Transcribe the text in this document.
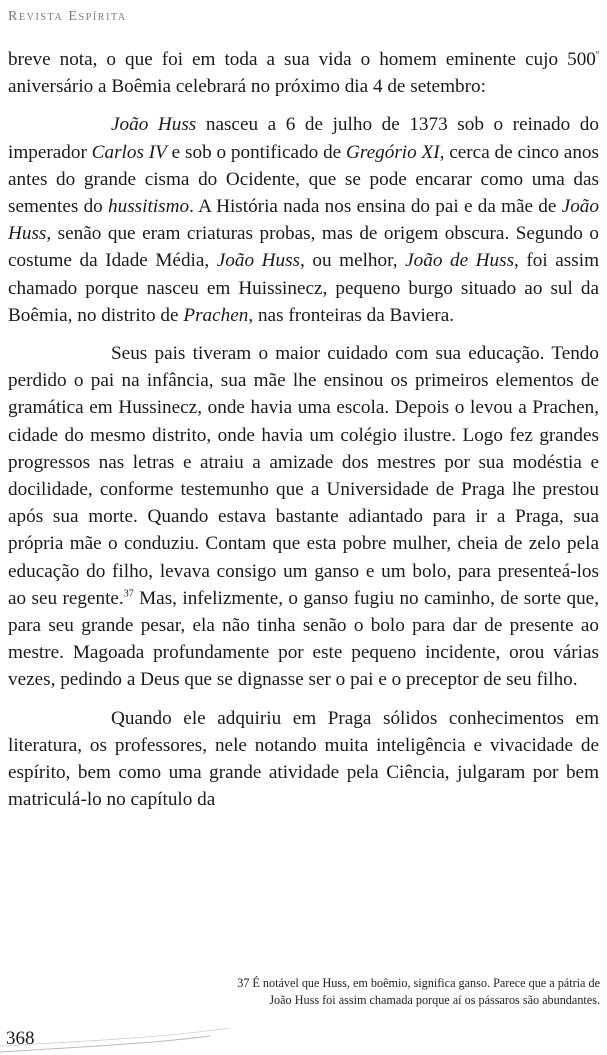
Revista Espírita

breve nota, o que foi em toda a sua vida o homem eminente cujo $500^º$ aniversário a Boêmia celebrará no próximo dia 4 de setembro:

João Huss nasceu a 6 de julho de 1373 sob o reinado do imperador Carlos IV e sob o pontificado de Gregório XI, cerca de cinco anos antes do grande cisma do Ocidente, que se pode encarar como uma das sementes do hussitismo. A História nada nos ensina do pai e da mãe de João Huss, senão que eram criaturas probas, mas de origem obscura. Segundo o costume da Idade Média, João Huss, ou melhor, João de Huss, foi assim chamado porque nasceu em Huissinecz, pequeno burgo situado ao sul da Boêmia, no distrito de Prachen, nas fronteiras da Baviera.

Seus pais tiveram o maior cuidado com sua educação. Tendo perdido o pai na infância, sua mãe lhe ensinou os primeiros elementos de gramática em Hussinecz, onde havia uma escola. Depois o levou a Prachen, cidade do mesmo distrito, onde havia um colégio ilustre. Logo fez grandes progressos nas letras e atraiu a amizade dos mestres por sua modéstia e docilidade, conforme testemunho que a Universidade de Praga lhe prestou após sua morte. Quando estava bastante adiantado para ir a Praga, sua própria mãe o conduziu. Contam que esta pobre mulher, cheia de zelo pela educação do filho, levava consigo um ganso e um bolo, para presenteá-los ao seu regente.$^{37}$ Mas, infelizmente, o ganso fugiu no caminho, de sorte que, para seu grande pesar, ela não tinha senão o bolo para dar de presente ao mestre. Magoada profundamente por este pequeno incidente, orou várias vezes, pedindo a Deus que se dignasse ser o pai e o preceptor de seu filho.

Quando ele adquiriu em Praga sólidos conhecimentos em literatura, os professores, nele notando muita inteligência e vivacidade de espírito, bem como uma grande atividade pela Ciência, julgaram por bem matriculá-lo no capítulo da

37 É notável que Huss, em boêmio, significa ganso. Parece que a pátria de
João Huss foi assim chamada porque aí os pássaros são abundantes.
368
